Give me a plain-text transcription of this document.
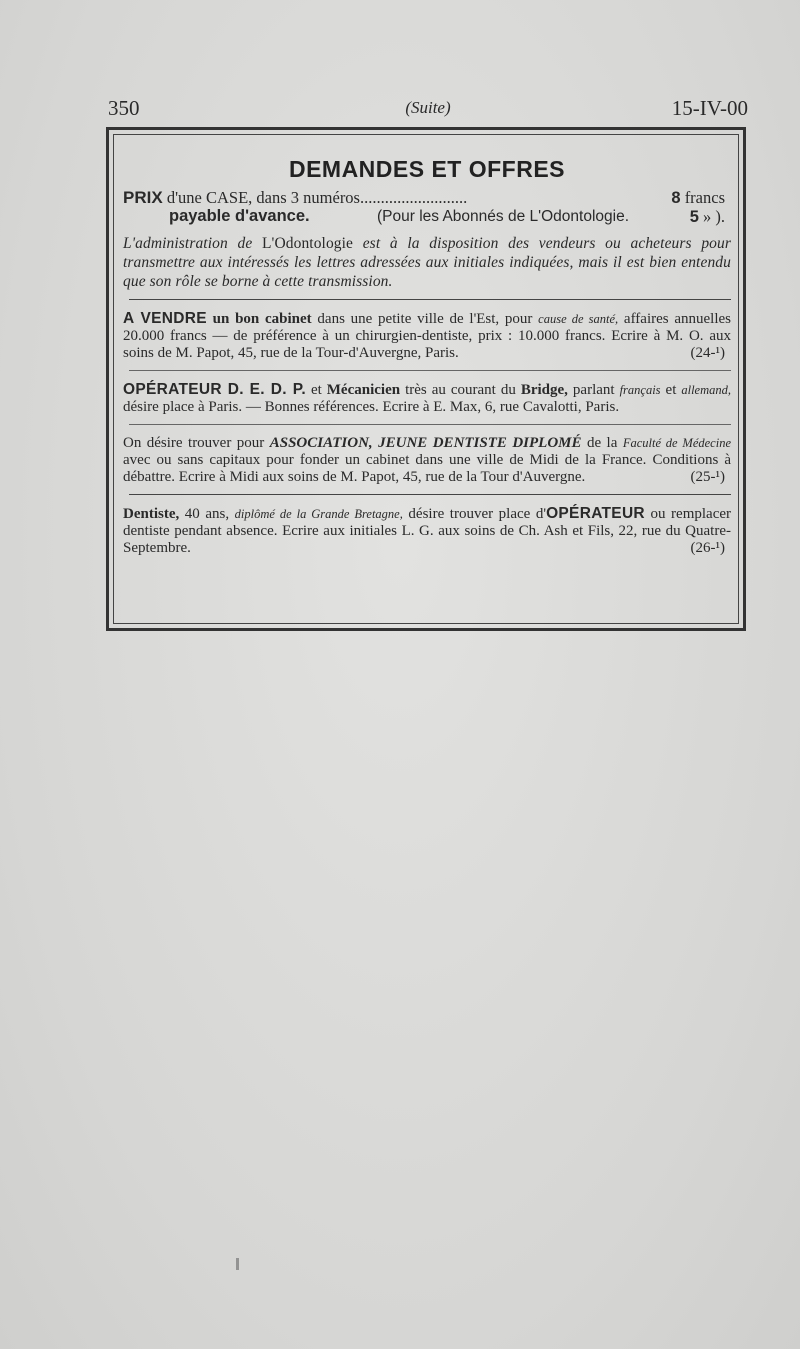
350	(Suite)	15-IV-00
DEMANDES ET OFFRES
PRIX d'une CASE, dans 3 numéros..........................	8 francs
payable d'avance.	(Pour les Abonnés de L'Odontologie.	5 » ).
L'administration de L'Odontologie est à la disposition des vendeurs ou acheteurs pour transmettre aux intéressés les lettres adressées aux initiales indiquées, mais il est bien entendu que son rôle se borne à cette transmission.
A VENDRE un bon cabinet dans une petite ville de l'Est, pour cause de santé, affaires annuelles 20.000 francs — de préférence à un chirurgien-dentiste, prix : 10.000 francs. Ecrire à M. O. aux soins de M. Papot, 45, rue de la Tour-d'Auvergne, Paris.	(24-¹)
OPÉRATEUR D. E. D. P. et Mécanicien très au courant du Bridge, parlant français et allemand, désire place à Paris. — Bonnes références. Ecrire à E. Max, 6, rue Cavalotti, Paris.
On désire trouver pour ASSOCIATION, JEUNE DENTISTE DIPLOMÉ de la Faculté de Médecine avec ou sans capitaux pour fonder un cabinet dans une ville de Midi de la France. Conditions à débattre. Ecrire à Midi aux soins de M. Papot, 45, rue de la Tour d'Auvergne.	(25-¹)
Dentiste, 40 ans, diplômé de la Grande Bretagne, désire trouver place d'OPÉRATEUR ou remplacer dentiste pendant absence. Ecrire aux initiales L. G. aux soins de Ch. Ash et Fils, 22, rue du Quatre-Septembre.	(26-¹)
